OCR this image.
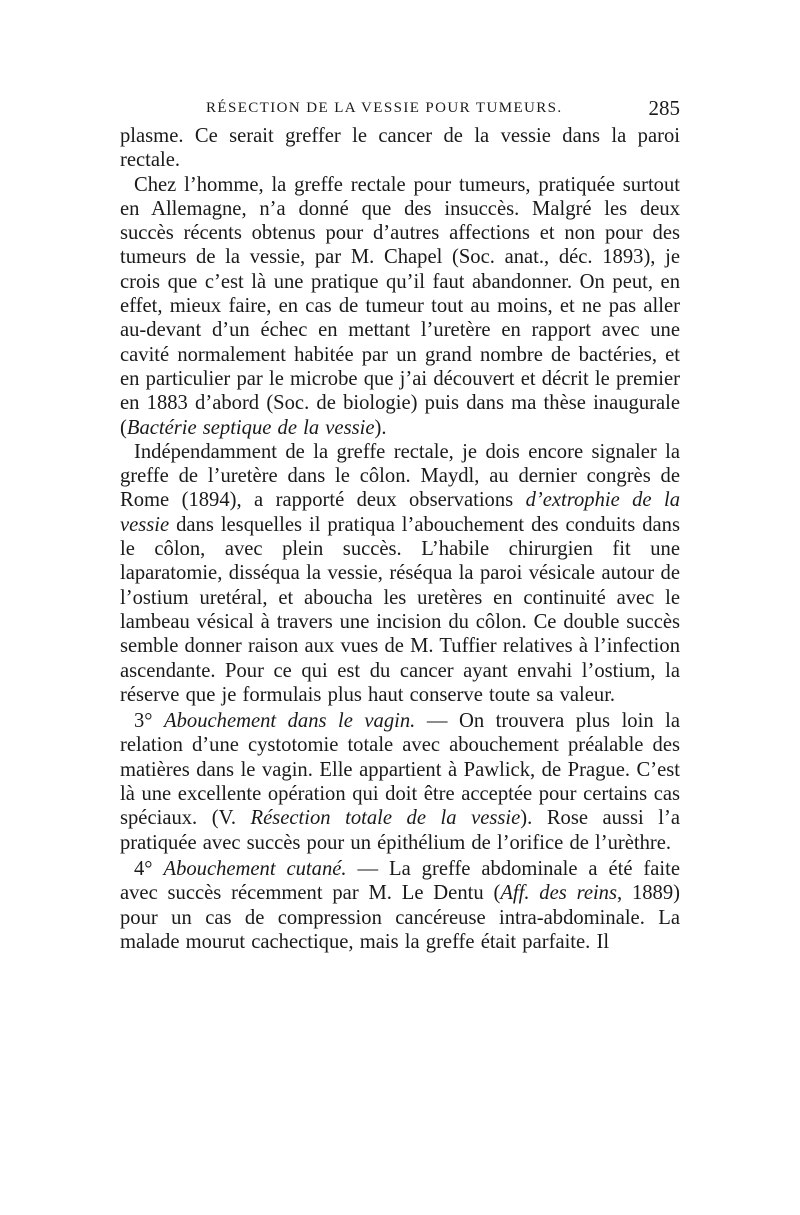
RÉSECTION DE LA VESSIE POUR TUMEURS.	285

plasme. Ce serait greffer le cancer de la vessie dans la paroi rectale.

Chez l’homme, la greffe rectale pour tumeurs, pratiquée surtout en Allemagne, n’a donné que des insuccès. Malgré les deux succès récents obtenus pour d’autres affections et non pour des tumeurs de la vessie, par M. Chapel (Soc. anat., déc. 1893), je crois que c’est là une pratique qu’il faut abandonner. On peut, en effet, mieux faire, en cas de tumeur tout au moins, et ne pas aller au-devant d’un échec en mettant l’uretère en rapport avec une cavité normalement habitée par un grand nombre de bactéries, et en particulier par le microbe que j’ai découvert et décrit le premier en 1883 d’abord (Soc. de biologie) puis dans ma thèse inaugurale (Bactérie septique de la vessie).

Indépendamment de la greffe rectale, je dois encore signaler la greffe de l’uretère dans le côlon. Maydl, au dernier congrès de Rome (1894), a rapporté deux observations d’extrophie de la vessie dans lesquelles il pratiqua l’abouchement des conduits dans le côlon, avec plein succès. L’habile chirurgien fit une laparatomie, disséqua la vessie, réséqua la paroi vésicale autour de l’ostium uretéral, et aboucha les uretères en continuité avec le lambeau vésical à travers une incision du côlon. Ce double succès semble donner raison aux vues de M. Tuffier relatives à l’infection ascendante. Pour ce qui est du cancer ayant envahi l’ostium, la réserve que je formulais plus haut conserve toute sa valeur.

3° Abouchement dans le vagin. — On trouvera plus loin la relation d’une cystotomie totale avec abouchement préalable des matières dans le vagin. Elle appartient à Pawlick, de Prague. C’est là une excellente opération qui doit être acceptée pour certains cas spéciaux. (V. Résection totale de la vessie). Rose aussi l’a pratiquée avec succès pour un épithélium de l’orifice de l’urèthre.

4° Abouchement cutané. — La greffe abdominale a été faite avec succès récemment par M. Le Dentu (Aff. des reins, 1889) pour un cas de compression cancéreuse intra-abdominale. La malade mourut cachectique, mais la greffe était parfaite. Il
